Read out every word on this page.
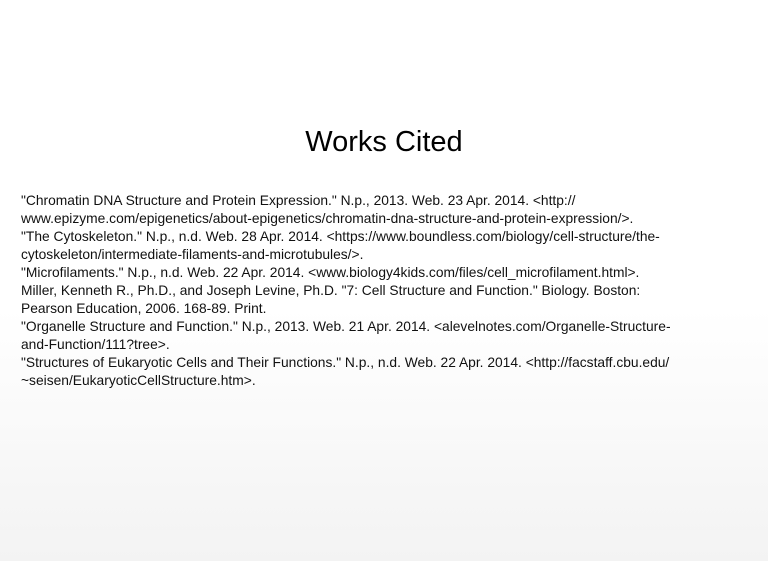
Works Cited
"Chromatin DNA Structure and Protein Expression." N.p., 2013. Web. 23 Apr. 2014. <http://
www.epizyme.com/epigenetics/about-epigenetics/chromatin-dna-structure-and-protein-expression/>.
"The Cytoskeleton." N.p., n.d. Web. 28 Apr. 2014. <https://www.boundless.com/biology/cell-structure/the-
cytoskeleton/intermediate-filaments-and-microtubules/>.
"Microfilaments." N.p., n.d. Web. 22 Apr. 2014. <www.biology4kids.com/files/cell_microfilament.html>.
Miller, Kenneth R., Ph.D., and Joseph Levine, Ph.D. "7: Cell Structure and Function." Biology. Boston:
Pearson Education, 2006. 168-89. Print.
"Organelle Structure and Function." N.p., 2013. Web. 21 Apr. 2014. <alevelnotes.com/Organelle-Structure-
and-Function/111?tree>.
"Structures of Eukaryotic Cells and Their Functions." N.p., n.d. Web. 22 Apr. 2014. <http://facstaff.cbu.edu/
~seisen/EukaryoticCellStructure.htm>.
